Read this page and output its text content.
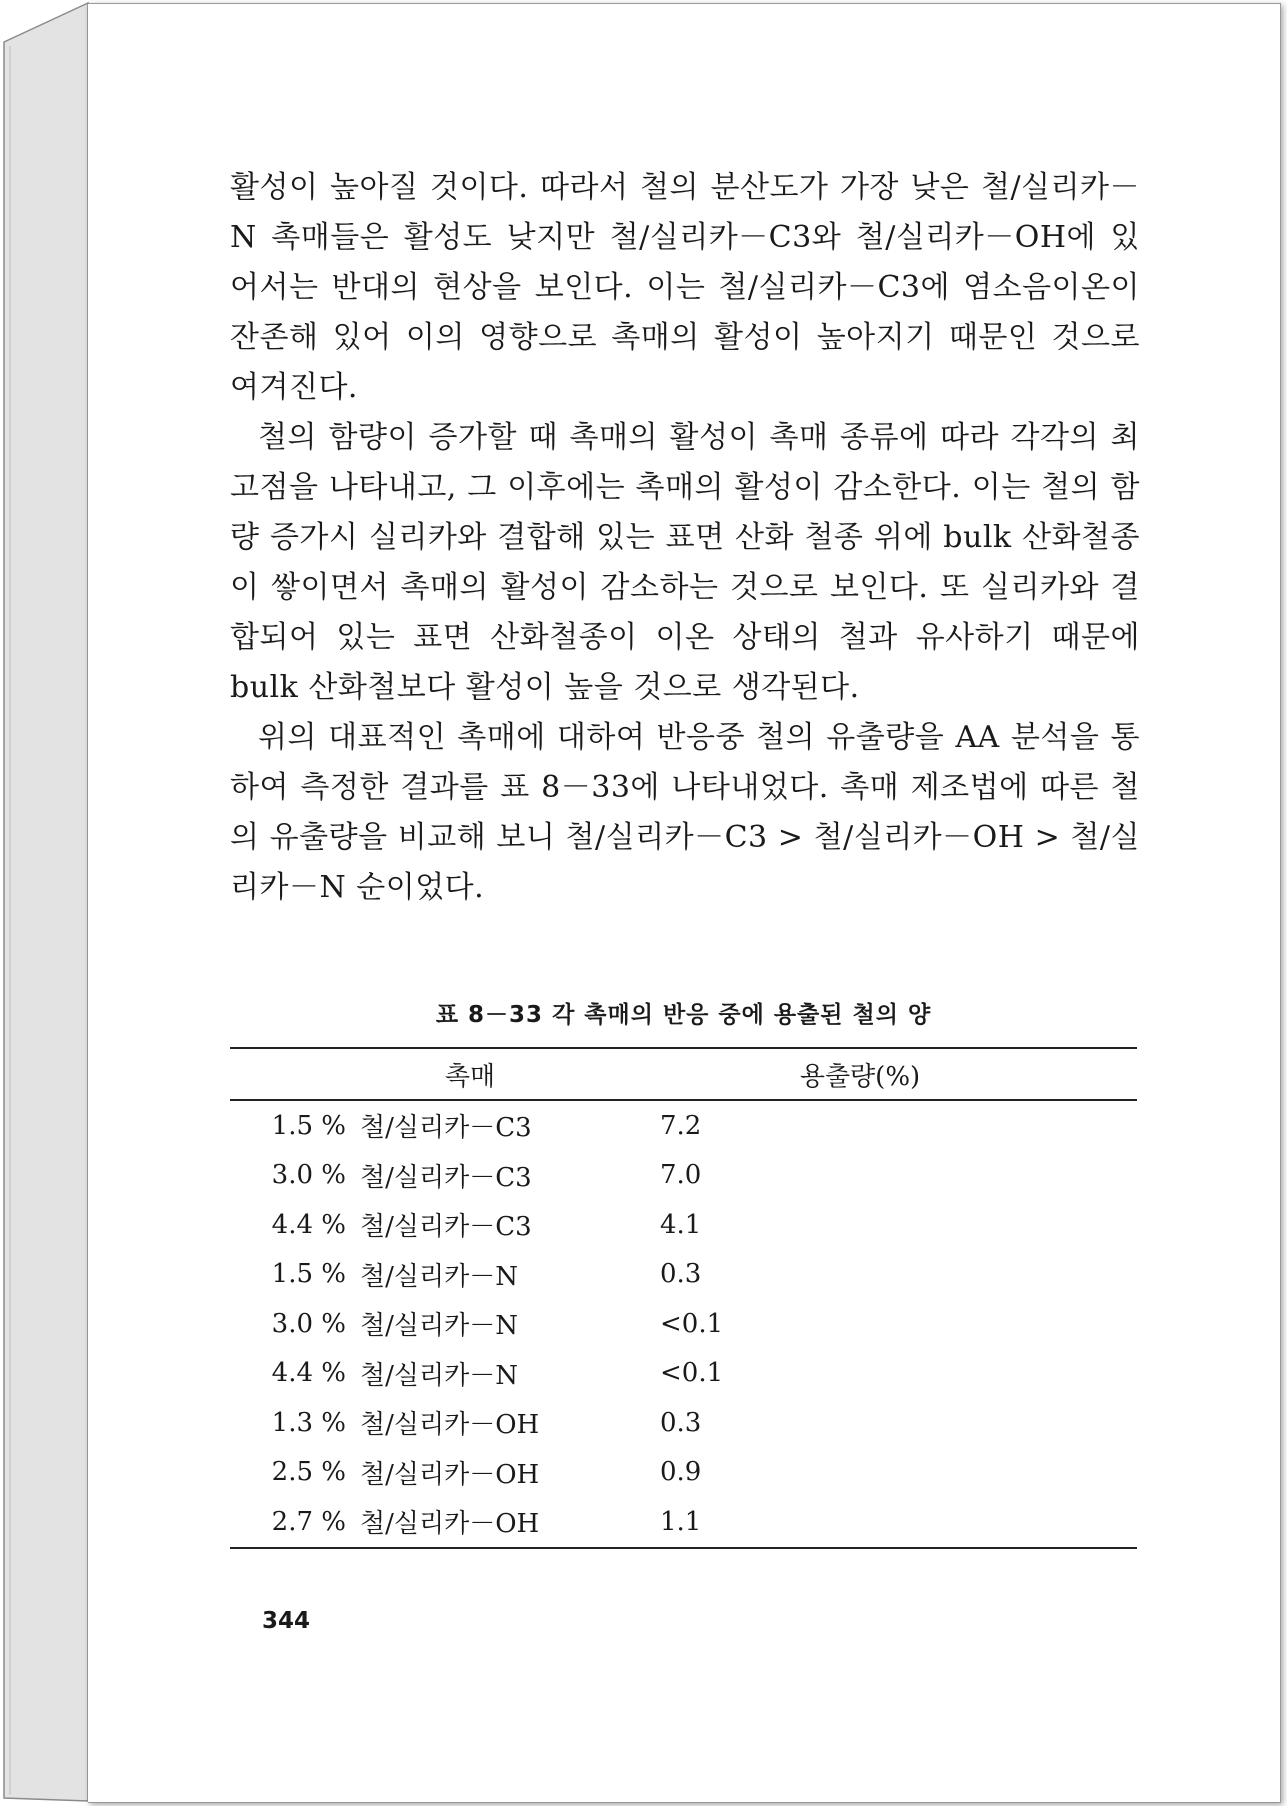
활성이 높아질 것이다. 따라서 철의 분산도가 가장 낮은 철/실리카－N 촉매들은 활성도 낮지만 철/실리카－C3와 철/실리카－OH에 있어서는 반대의 현상을 보인다. 이는 철/실리카－C3에 염소음이온이 잔존해 있어 이의 영향으로 촉매의 활성이 높아지기 때문인 것으로 여겨진다.

철의 함량이 증가할 때 촉매의 활성이 촉매 종류에 따라 각각의 최고점을 나타내고, 그 이후에는 촉매의 활성이 감소한다. 이는 철의 함량 증가시 실리카와 결합해 있는 표면 산화 철종 위에 bulk 산화철종이 쌓이면서 촉매의 활성이 감소하는 것으로 보인다. 또 실리카와 결합되어 있는 표면 산화철종이 이온 상태의 철과 유사하기 때문에 bulk 산화철보다 활성이 높을 것으로 생각된다.

위의 대표적인 촉매에 대하여 반응중 철의 유출량을 AA 분석을 통하여 측정한 결과를 표 8－33에 나타내었다. 촉매 제조법에 따른 철의 유출량을 비교해 보니 철/실리카－C3 > 철/실리카－OH > 철/실리카－N 순이었다.

표 8－33 각 촉매의 반응 중에 용출된 철의 양
촉매	용출량(%)
1.5 % 철/실리카－C3	7.2
3.0 % 철/실리카－C3	7.0
4.4 % 철/실리카－C3	4.1
1.5 % 철/실리카－N	0.3
3.0 % 철/실리카－N	<0.1
4.4 % 철/실리카－N	<0.1
1.3 % 철/실리카－OH	0.3
2.5 % 철/실리카－OH	0.9
2.7 % 철/실리카－OH	1.1
344
